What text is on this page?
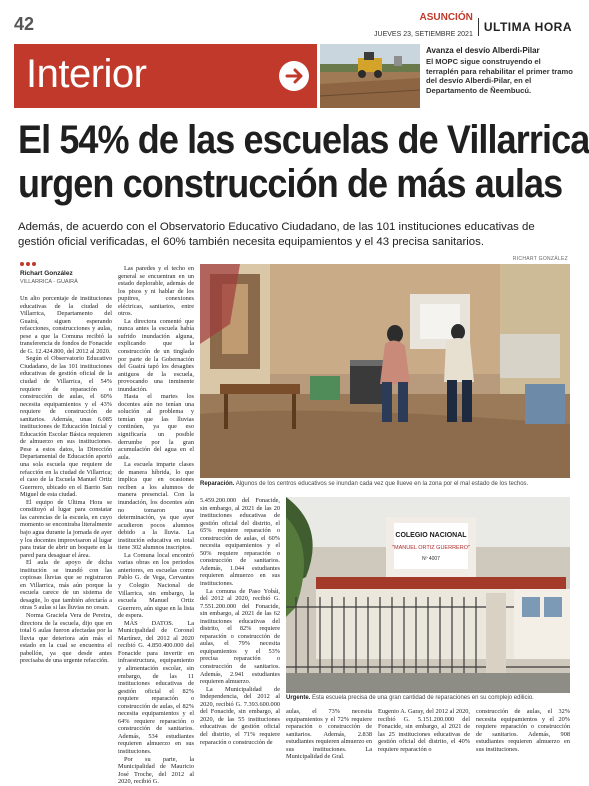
42	ASUNCIÓN
JUEVES 23, SETIEMBRE 2021
ULTIMA HORA
Interior
Avanza el desvío Alberdi-Pilar
El MOPC sigue construyendo el terraplén para rehabilitar el primer tramo del desvío Alberdi-Pilar, en el Departamento de Ñeembucú.
El 54% de las escuelas de Villarrica
urgen construcción de más aulas

Además, de acuerdo con el Observatorio Educativo Ciudadano, de las 101 instituciones educativas de gestión oficial verificadas, el 60% también necesita equipamientos y el 43 precisa sanitarios.

RICHART GONZÁLEZ
Richart González
VILLARRICA - GUAIRÁ

Un alto porcentaje de instituciones educativas de la ciudad de Villarrica, Departamento del Guairá, siguen esperando refacciones, construcciones y aulas, pese a que la Comuna recibió la transferencia de fondos de Fonacide de G. 12.424.800, del 2012 al 2020.

Según el Observatorio Educativo Ciudadano, de las 101 instituciones educativas de gestión oficial de la ciudad de Villarrica, el 54% requiere de reparación o construcción de aulas, el 60% necesita equipamientos y el 43% requiere de construcción de sanitarios. Además, unas 6.085 instituciones de Educación Inicial y Educación Escolar Básica requieren de almuerzo en sus instituciones. Pese a estos datos, la Dirección Departamental de Educación aportó una sola escuela que requiere de refacción en la ciudad de Villarrica; el caso de la Escuela Manuel Ortiz Guerrero, ubicado en el Barrio San Miguel de esta ciudad.

El equipo de Ultima Hora se constituyó al lugar para constatar las carencias de la escuela, en cuyo momento se encontraba literalmente bajo agua durante la jornada de ayer y los docentes improvisaron al lugar para tratar de abrir un boquete en la pared para desaguar el área.

El aula de apoyo de dicha institución se inundó con las copiosas lluvias que se registraron en Villarrica, más aún porque la escuela carece de un sistema de desagüe, lo que también afectaría a otras 5 aulas si las lluvias no cesan.

Norma Graciela Vera de Pereira, directora de la escuela, dijo que en total 6 aulas fueron afectadas por la lluvia que deteriora aún más el estado en la cual se encuentra el pabellón, ya que desde antes precisaba de una urgente refacción.

Las paredes y el techo en general se encuentran en un estado deplorable, además de los pisos y ni hablar de los pupitres, conexiones eléctricas, sanitarios, entre otros.

La directora comentó que nunca antes la escuela había sufrido inundación alguna, explicando que la construcción de un tinglado por parte de la Gobernación del Guairá tapó los desagües antiguos de la escuela, provocando una inminente inundación.

Hasta el martes los docentes aún no tenían una solución al problema y temían que las lluvias continúen, ya que eso significaría un posible derrumbe por la gran acumulación del agua en el aula.

La escuela imparte clases de manera híbrida, lo que implica que en ocasiones reciben a los alumnos de manera presencial. Con la inundación, los docentes aún no tomaron una determinación, ya que ayer acudieron pocos alumnos debido a la lluvia. La institución educativa en total tiene 302 alumnos inscriptos.

La Comuna local encontró varias obras en los periodos anteriores, en escuelas como Pablo G. de Vega, Cervantes y Colegio Nacional de Villarrica, sin embargo, la escuela Manuel Ortiz Guerrero, aún sigue en la lista de espera.

MÁS DATOS. La Municipalidad de Coronel Martínez, del 2012 al 2020 recibió G. 4.850.400.000 del Fonacide para invertir en infraestructura, equipamiento y alimentación escolar, sin embargo, de las 11 instituciones educativas de gestión oficial el 82% requiere reparación o construcción de aulas, el 82% necesita equipamientos y el 64% requiere reparación o construcción de sanitarios. Además, 534 estudiantes requieren almuerzo en sus instituciones.

Por su parte, la Municipalidad de Mauricio José Troche, del 2012 al 2020, recibió G.

5.459.200.000 del Fonacide, sin embargo, al 2021 de las 20 instituciones educativas de gestión oficial del distrito, el 65% requiere reparación o construcción de aulas, el 60% necesita equipamientos y el 50% requiere reparación o construcción de sanitarios. Además, 1.044 estudiantes requieren almuerzo en sus instituciones.

La comuna de Paso Yobái, del 2012 al 2020, recibió G. 7.551.200.000 del Fonacide, sin embargo, al 2021 de las 62 instituciones educativas del distrito, el 82% requiere reparación o construcción de aulas, el 79% necesita equipamientos y el 53% precisa reparación o construcción de sanitarios. Además, 2.941 estudiantes requieren almuerzo.

La Municipalidad de Independencia, del 2012 al 2020, recibió G. 7.393.600.000 del Fonacide, sin embargo, al 2020, de las 55 instituciones educativas de gestión oficial del distrito, el 71% requiere reparación o construcción de

aulas, el 73% necesita equipamientos y el 72% requiere reparación o construcción de sanitarios. Además, 2.838 estudiantes requieren almuerzo en sus instituciones. La Municipalidad de Gral.

Eugenio A. Garay, del 2012 al 2020, recibió G. 5.151.200.000 del Fonacide, sin embargo, al 2021 de las 25 instituciones educativas de gestión oficial del distrito, el 40% requiere reparación o

construcción de aulas, el 32% necesita equipamientos y el 20% requiere reparación o construcción de sanitarios. Además, 908 estudiantes requieren almuerzo en sus instituciones.

Reparación. Algunos de los centros educativos se inundan cada vez que llueve en la zona por el mal estado de los techos.

COLEGIO NACIONAL
"MANUEL ORTIZ GUERRERO"
Nº 4007

Urgente. Esta escuela precisa de una gran cantidad de reparaciones en su complejo edilicio.
